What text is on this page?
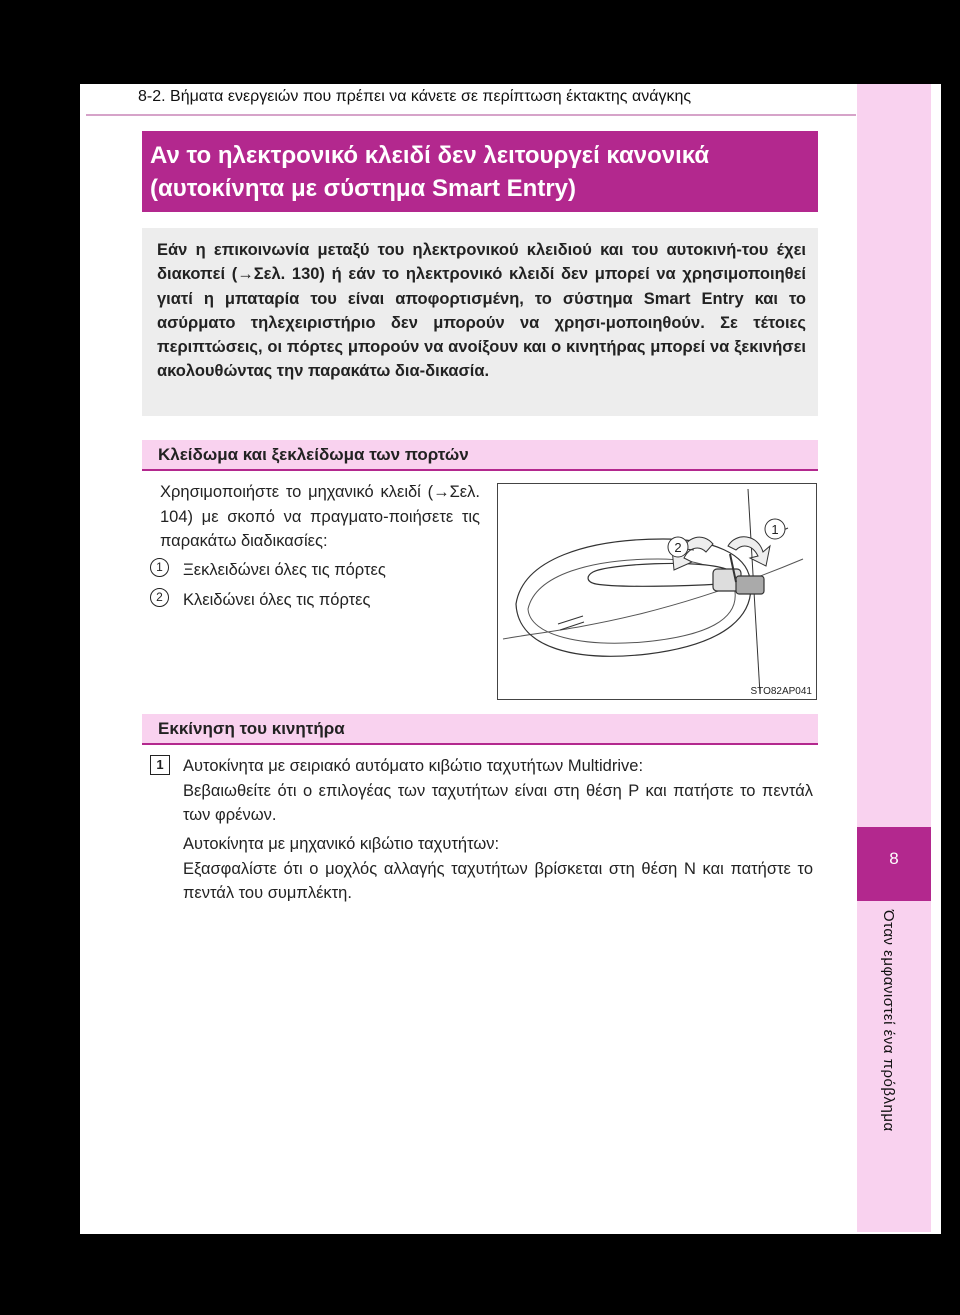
8-2. Βήματα ενεργειών που πρέπει να κάνετε σε περίπτωση έκτακτης ανάγκης
8
Όταν εμφανιστεί ένα πρόβλημα
Αν το ηλεκτρονικό κλειδί δεν λειτουργεί κανονικά
(αυτοκίνητα με σύστημα Smart Entry)
Εάν η επικοινωνία μεταξύ του ηλεκτρονικού κλειδιού και του αυτοκινή-του έχει διακοπεί (→Σελ. 130) ή εάν το ηλεκτρονικό κλειδί δεν μπορεί να χρησιμοποιηθεί γιατί η μπαταρία του είναι αποφορτισμένη, το σύστημα Smart Entry και το ασύρματο τηλεχειριστήριο δεν μπορούν να χρησι-μοποιηθούν. Σε τέτοιες περιπτώσεις, οι πόρτες μπορούν να ανοίξουν και ο κινητήρας μπορεί να ξεκινήσει ακολουθώντας την παρακάτω δια-δικασία.
Κλείδωμα και ξεκλείδωμα των πορτών
Χρησιμοποιήστε το μηχανικό κλειδί (→Σελ. 104) με σκοπό να πραγματο-ποιήσετε τις παρακάτω διαδικασίες:
1	Ξεκλειδώνει όλες τις πόρτες
2	Κλειδώνει όλες τις πόρτες
1
2
STO82AP041
Εκκίνηση του κινητήρα
1	Αυτοκίνητα με σειριακό αυτόματο κιβώτιο ταχυτήτων Multidrive:
Βεβαιωθείτε ότι ο επιλογέας των ταχυτήτων είναι στη θέση P και πατήστε το πεντάλ των φρένων.
Αυτοκίνητα με μηχανικό κιβώτιο ταχυτήτων:
Εξασφαλίστε ότι ο μοχλός αλλαγής ταχυτήτων βρίσκεται στη θέση N και πατήστε το πεντάλ του συμπλέκτη.
